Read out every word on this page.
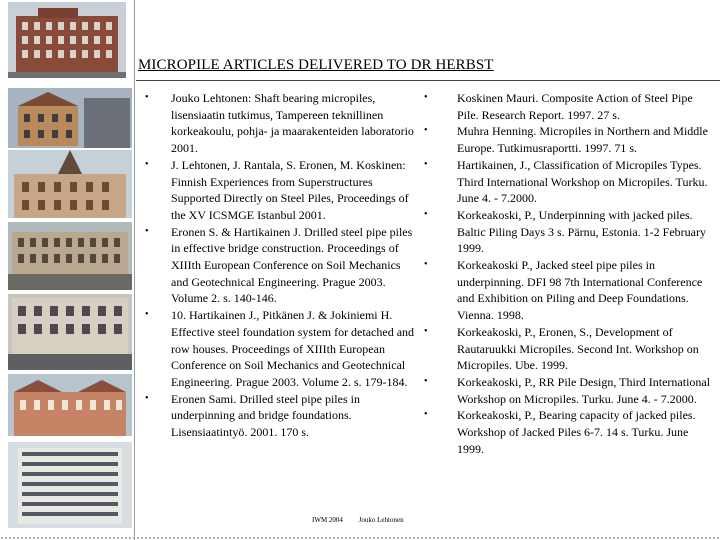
MICROPILE ARTICLES DELIVERED TO DR HERBST
• Jouko Lehtonen: Shaft bearing micropiles, lisensiaatin tutkimus, Tampereen teknillinen korkeakoulu, pohja- ja maarakenteiden laboratorio 2001.
• J. Lehtonen, J. Rantala, S. Eronen, M. Koskinen: Finnish Experiences from Superstructures Supported Directly on Steel Piles, Proceedings of the XV ICSMGE Istanbul 2001.
• Eronen S. & Hartikainen J. Drilled steel pipe piles in effective bridge construction. Proceedings of XIIIth European Conference on Soil Mechanics and Geotechnical Engineering. Prague 2003. Volume 2. s. 140-146.
• 10. Hartikainen J., Pitkänen J. & Jokiniemi H. Effective steel foundation system for detached and row houses. Proceedings of XIIIth European Conference on Soil Mechanics and Geotechnical Engineering. Prague 2003. Volume 2. s. 179-184.
• Eronen Sami. Drilled steel pipe piles in underpinning and bridge foundations. Lisensiaatintyö. 2001. 170 s.
• Koskinen Mauri. Composite Action of Steel Pipe Pile. Research Report. 1997. 27 s.
• Muhra Henning. Micropiles in Northern and Middle Europe. Tutkimusraportti. 1997. 71 s.
• Hartikainen, J., Classification of Micropiles Types. Third International Workshop on Micropiles. Turku. June 4. - 7.2000.
• Korkeakoski, P., Underpinning with jacked piles. Baltic Piling Days 3 s. Pärnu, Estonia. 1-2 February 1999.
• Korkeakoski P., Jacked steel pipe piles in underpinning. DFI 98 7th International Conference and Exhibition on Piling and Deep Foundations. Vienna. 1998.
• Korkeakoski, P., Eronen, S., Development of Rautaruukki Micropiles. Second Int. Workshop on Micropiles. Ube. 1999.
• Korkeakoski, P., RR Pile Design, Third International Workshop on Micropiles. Turku. June 4. - 7.2000.
• Korkeakoski, P., Bearing capacity of jacked piles. Workshop of Jacked Piles 6-7. 14 s. Turku. June 1999.
IWM 2004 Jouko Lehtonen
